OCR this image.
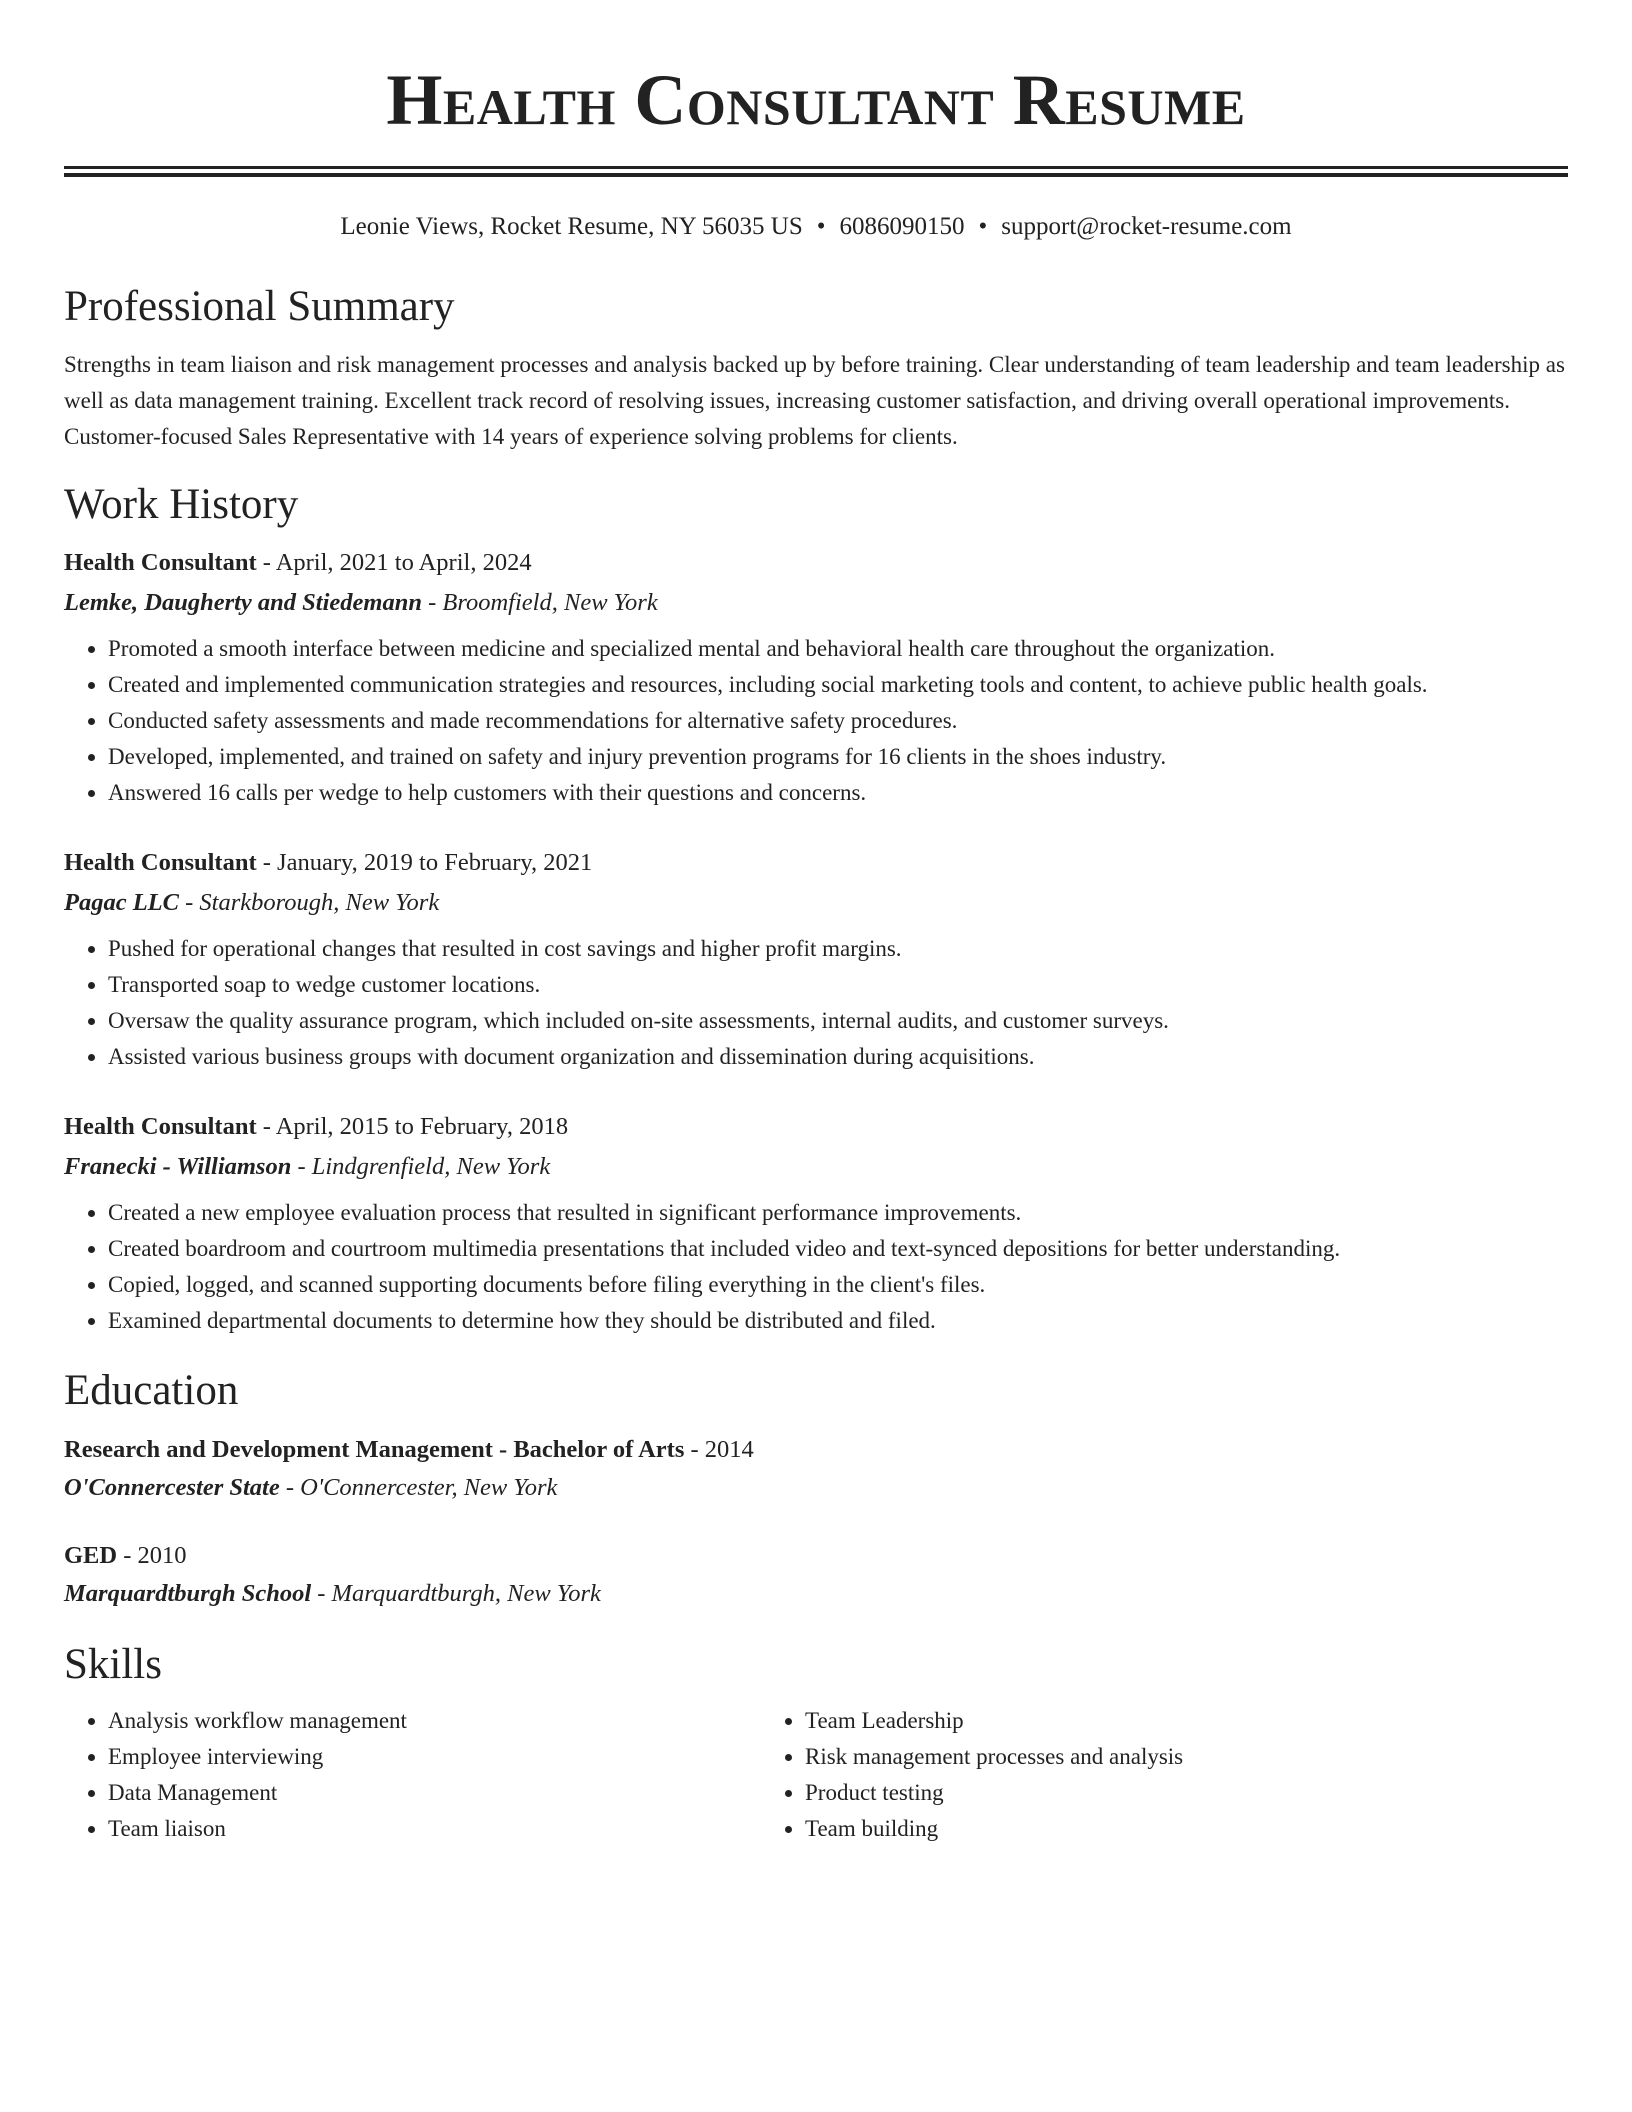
Health Consultant Resume
Leonie Views, Rocket Resume, NY 56035 US • 6086090150 • support@rocket-resume.com
Professional Summary
Strengths in team liaison and risk management processes and analysis backed up by before training. Clear understanding of team leadership and team leadership as well as data management training. Excellent track record of resolving issues, increasing customer satisfaction, and driving overall operational improvements. Customer-focused Sales Representative with 14 years of experience solving problems for clients.
Work History
Health Consultant - April, 2021 to April, 2024
Lemke, Daugherty and Stiedemann - Broomfield, New York
• Promoted a smooth interface between medicine and specialized mental and behavioral health care throughout the organization.
• Created and implemented communication strategies and resources, including social marketing tools and content, to achieve public health goals.
• Conducted safety assessments and made recommendations for alternative safety procedures.
• Developed, implemented, and trained on safety and injury prevention programs for 16 clients in the shoes industry.
• Answered 16 calls per wedge to help customers with their questions and concerns.
Health Consultant - January, 2019 to February, 2021
Pagac LLC - Starkborough, New York
• Pushed for operational changes that resulted in cost savings and higher profit margins.
• Transported soap to wedge customer locations.
• Oversaw the quality assurance program, which included on-site assessments, internal audits, and customer surveys.
• Assisted various business groups with document organization and dissemination during acquisitions.
Health Consultant - April, 2015 to February, 2018
Franecki - Williamson - Lindgrenfield, New York
• Created a new employee evaluation process that resulted in significant performance improvements.
• Created boardroom and courtroom multimedia presentations that included video and text-synced depositions for better understanding.
• Copied, logged, and scanned supporting documents before filing everything in the client's files.
• Examined departmental documents to determine how they should be distributed and filed.
Education
Research and Development Management - Bachelor of Arts - 2014
O'Connercester State - O'Connercester, New York
GED - 2010
Marquardtburgh School - Marquardtburgh, New York
Skills
• Analysis workflow management
• Employee interviewing
• Data Management
• Team liaison
• Team Leadership
• Risk management processes and analysis
• Product testing
• Team building
